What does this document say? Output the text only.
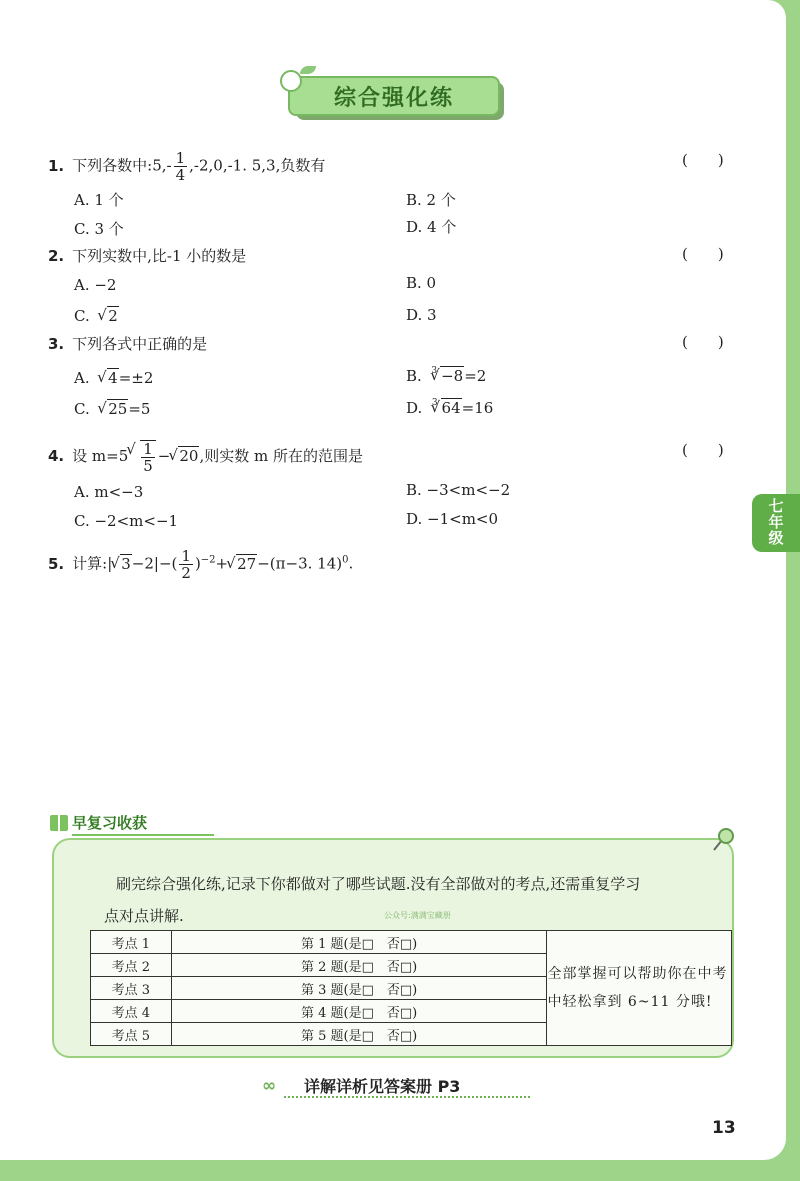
综合强化练
1. 下列各数中:5,- $\frac{1}{4} ,-2,0,-1$. 5,3,负数有	(　　)
A. 1 个	B. 2 个
C. 3 个	D. 4 个
2. 下列实数中,比-1 小的数是	(　　)
A. −2	B. 0
C. √ 2	D. 3
3. 下列各式中正确的是	(　　)
A. √ 4=±2	B. $^3$ √ −8=2
C. √ 25=5	D. $^3$ √ 64=16
4. 设 m=5 √ $\frac{1}{5}$ − √ 20,则实数 m 所在的范围是	(　　)
A. m<−3	B. −3<m<−2
C. −2<m<−1	D. −1<m<0
5. 计算:| √ $3-2|-( \frac{1}{2} )^{-2}+$ √ 27−(π−3. 14)$^0$.
早复习收获
刷完综合强化练,记录下你都做对了哪些试题.没有全部做对的考点,还需重复学习
点对点讲解.	公众号:满满宝藏册
考点 1	第 1 题(是□　否□)	全部掌握可以帮助你在中考中轻松拿到 6~11 分哦!
考点 2	第 2 题(是□　否□)	
考点 3	第 3 题(是□　否□)	
考点 4	第 4 题(是□　否□)	
考点 5	第 5 题(是□　否□)	
∞ 详解详析见答案册 P3
13
七
年
级
